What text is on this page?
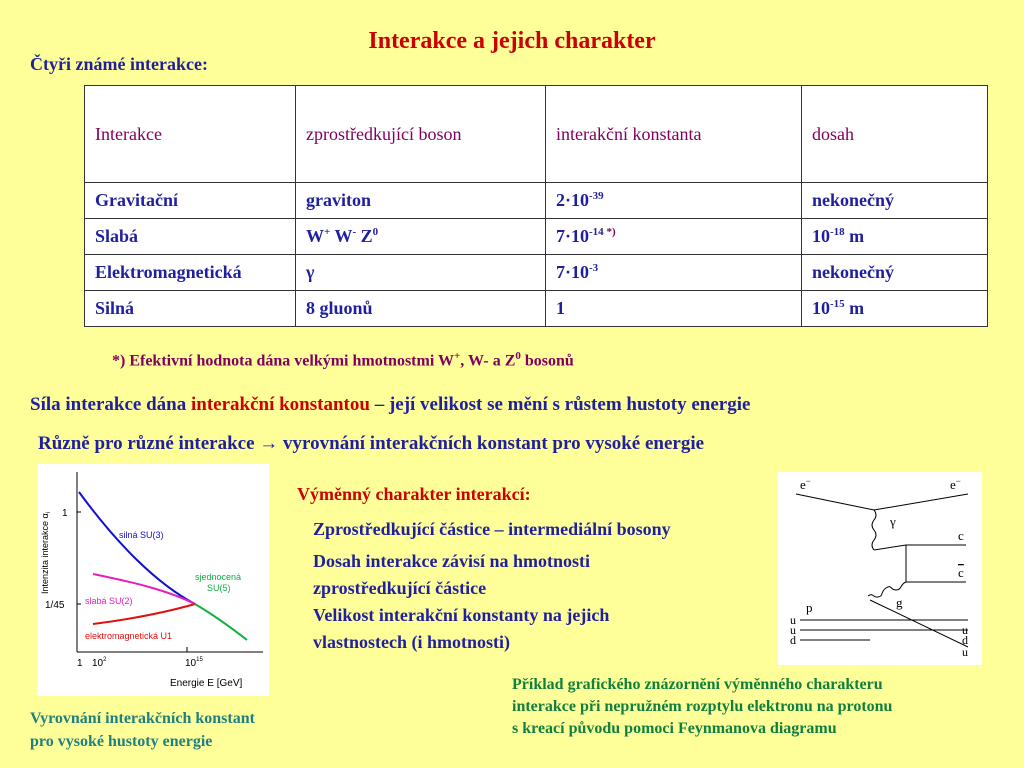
Interakce a jejich charakter
Čtyři známé interakce:
Interakce	zprostředkující boson	interakční konstanta	dosah
Gravitační	graviton	$2\cdot 10^{-39}$	nekonečný
Slabá	W+ W- $Z^0$	$7\cdot 10^{-14}$ *)	$10^{-18}$ m
Elektromagnetická	γ	$7\cdot 10^{-3}$	nekonečný
Silná	8 gluonů	1	$10^{-15}$ m
*) Efektivní hodnota dána velkými hmotnostmi W+, W- a $Z^0$ bosonů
Síla interakce dána interakční konstantou – její velikost se mění s růstem hustoty energie
Různě pro různé interakce → vyrovnání interakčních konstant pro vysoké energie
Intenzita interakce $\alpha_i$ 1
1/45
1 $10^2$	$10^{15}$
Energie E [GeV]
silná SU(3)
slabá SU(2)
elektromagnetická U1
sjednocená
SU(5)
Vyrovnání interakčních konstant
pro vysoké hustoty energie
Výměnný charakter interakcí:
Zprostředkující částice – intermediální bosony
Dosah interakce závisí na hmotnosti
zprostředkující částice
Velikost interakční konstanty na jejich
vlastnostech (i hmotnosti)
e−	e−
γ
c
c
g
p
u
u
d
u
d
u
Příklad grafického znázornění výměnného charakteru
interakce při nepružném rozptylu elektronu na protonu
s kreací původu pomoci Feynmanova diagramu
